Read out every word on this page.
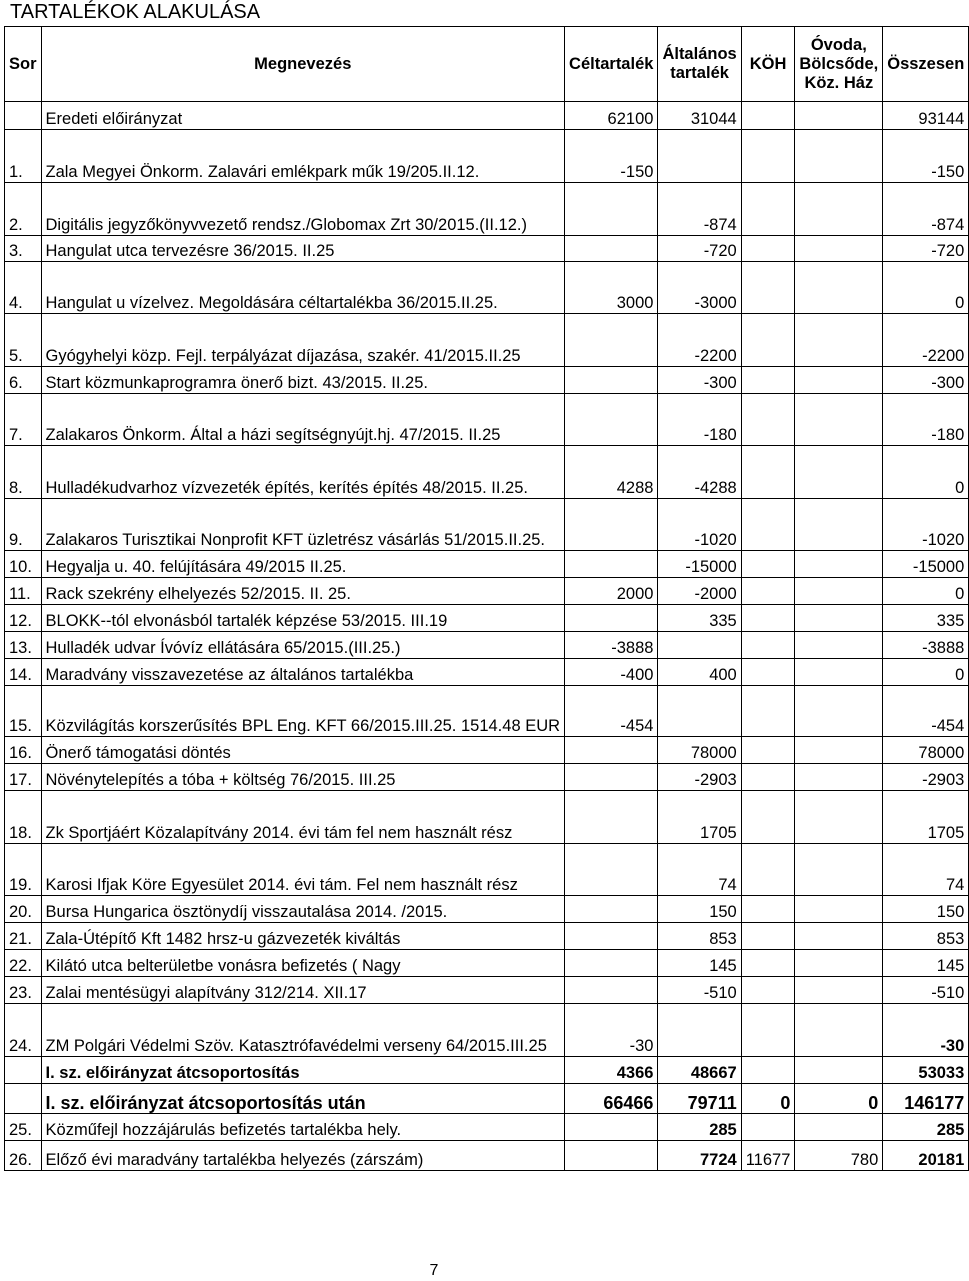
TARTALÉKOK ALAKULÁSA
Sor	Megnevezés	Céltartalék	Általános tartalék	KÖH	Óvoda, Bölcsőde, Köz. Ház	Összesen
	Eredeti előirányzat	62100	31044			93144
1.	Zala Megyei Önkorm. Zalavári emlékpark műk 19/205.II.12.	-150				-150
2.	Digitális jegyzőkönyvvezető rendsz./Globomax Zrt 30/2015.(II.12.)		-874			-874
3.	Hangulat utca tervezésre 36/2015. II.25		-720			-720
4.	Hangulat u vízelvez. Megoldására céltartalékba 36/2015.II.25.	3000	-3000			0
5.	Gyógyhelyi közp. Fejl. terpályázat díjazása, szakér. 41/2015.II.25		-2200			-2200
6.	Start közmunkaprogramra önerő bizt. 43/2015. II.25.		-300			-300
7.	Zalakaros Önkorm. Által a házi segítségnyújt.hj. 47/2015. II.25		-180			-180
8.	Hulladékudvarhoz vízvezeték építés, kerítés építés 48/2015. II.25.	4288	-4288			0
9.	Zalakaros Turisztikai Nonprofit KFT üzletrész vásárlás 51/2015.II.25.		-1020			-1020
10.	Hegyalja u. 40. felújítására 49/2015 II.25.		-15000			-15000
11.	Rack szekrény elhelyezés 52/2015. II. 25.	2000	-2000			0
12.	BLOKK--tól elvonásból tartalék képzése 53/2015. III.19		335			335
13.	Hulladék udvar Ívóvíz ellátására 65/2015.(III.25.)	-3888				-3888
14.	Maradvány visszavezetése az általános tartalékba	-400	400			0
15.	Közvilágítás korszerűsítés BPL Eng. KFT 66/2015.III.25. 1514.48 EUR	-454				-454
16.	Önerő támogatási döntés		78000			78000
17.	Növénytelepítés a tóba + költség 76/2015. III.25		-2903			-2903
18.	Zk Sportjáért Közalapítvány 2014. évi tám fel nem használt rész		1705			1705
19.	Karosi Ifjak Köre Egyesület 2014. évi tám. Fel nem használt rész		74			74
20.	Bursa Hungarica ösztönydíj visszautalása 2014. /2015.		150			150
21.	Zala-Útépítő Kft 1482 hrsz-u gázvezeték kiváltás		853			853
22.	Kilátó utca belterületbe vonásra befizetés ( Nagy		145			145
23.	Zalai mentésügyi alapítvány 312/214. XII.17		-510			-510
24.	ZM Polgári Védelmi Szöv. Katasztrófavédelmi verseny 64/2015.III.25	-30				-30
	I. sz. előirányzat átcsoportosítás	4366	48667			53033
	I. sz. előirányzat átcsoportosítás után	66466	79711	0	0	146177
25.	Közműfejl hozzájárulás befizetés tartalékba hely.		285			285
26.	Előző évi maradvány tartalékba helyezés (zárszám)		7724	11677	780	20181
7
